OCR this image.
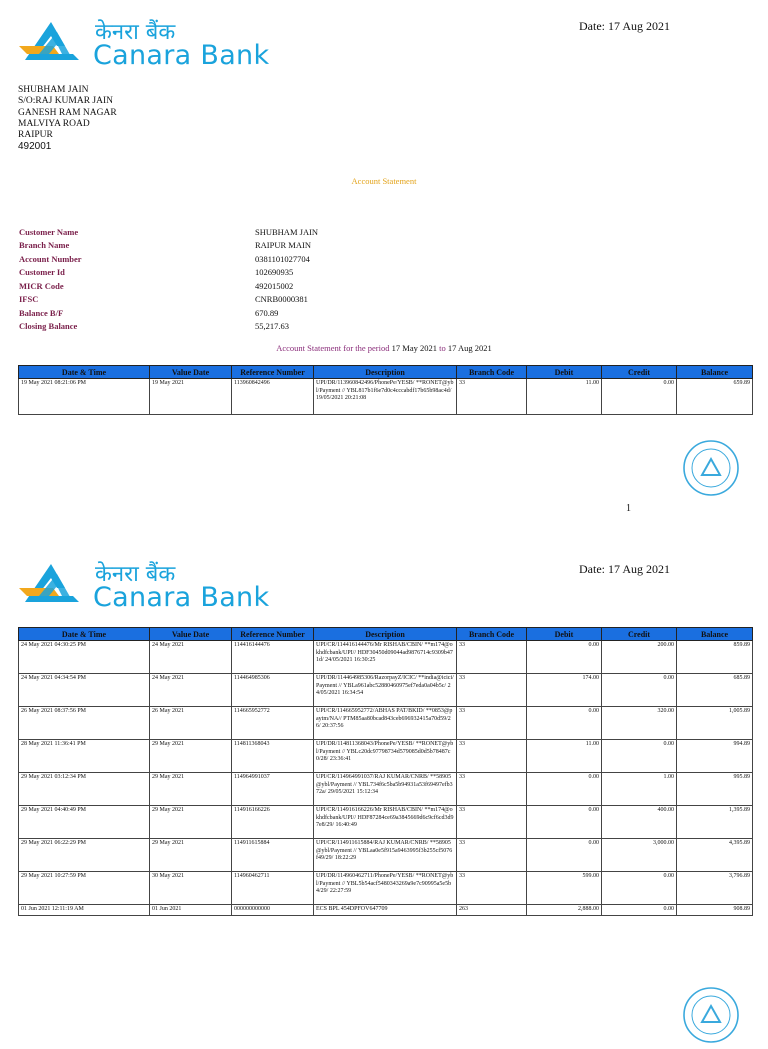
केनरा बैंक
Canara Bank
Date: 17 Aug 2021
SHUBHAM JAIN
S/O:RAJ KUMAR JAIN
GANESH RAM NAGAR
MALVIYA ROAD
RAIPUR
492001
Account Statement
Customer Name	SHUBHAM JAIN
Branch Name	RAIPUR MAIN
Account Number	0381101027704
Customer Id	102690935
MICR Code	492015002
IFSC	CNRB0000381
Balance B/F	670.89
Closing Balance	55,217.63
Account Statement for the period 17 May 2021 to 17 Aug 2021
Date & Time	Value Date	Reference Number	Description	Branch Code	Debit	Credit	Balance
19 May 2021 08:21:06 PM	19 May 2021	113960842496	UPI/DR/113960842496/PhonePe/YESB/ **RONET@ybl/Payment // YBL817b1f6e7d0c4cccabdf17b65b98ac4d/ 19/05/2021 20:21:08	33	11.00	0.00	659.89
1
केनरा बैंक
Canara Bank
Date: 17 Aug 2021
Date & Time	Value Date	Reference Number	Description	Branch Code	Debit	Credit	Balance
24 May 2021 04:30:25 PM	24 May 2021	114416144476	UPI/CR/114416144476/Mr RISHAB/CBIN/ **m174@okhdfcbank/UPI// HDF30450d09044ad9876714c9309b471d/ 24/05/2021 16:30:25	33	0.00	200.00	859.89
24 May 2021 04:34:54 PM	24 May 2021	114464985306	UPI/DR/114464985306/RazorpayZ/ICIC/ **india@icici/Payment // YBLa961abc52880460975ef7eda0a04b5c/ 24/05/2021 16:34:54	33	174.00	0.00	685.89
26 May 2021 08:37:56 PM	26 May 2021	114665952772	UPI/CR/114665952772/ABHAS PAT/BKID/ **0853@paytm/NA// PTM85aa80bcad843ceb696932415a70d59/26/ 20:37:56	33	0.00	320.00	1,005.89
28 May 2021 11:36:41 PM	29 May 2021	114811368043	UPI/DR/114811368043/PhonePe/YESB/ **RONET@ybl/Payment // YBLc20dc97798734d579085d0d5b78487c0/28/ 23:36:41	33	11.00	0.00	994.89
29 May 2021 03:12:34 PM	29 May 2021	114964991037	UPI/CR/114964991037/RAJ KUMAR/CNRB/ **58905@ybl/Payment // YBL734f6c5ba5b94931a53f69497efb372a/ 29/05/2021 15:12:34	33	0.00	1.00	995.89
29 May 2021 04:40:49 PM	29 May 2021	114916166226	UPI/CR/114916166226/Mr RISHAB/CBIN/ **m174@okhdfcbank/UPI// HDF87284ce69a3845669d6c9cf6cd3d97e8/29/ 16:40:49	33	0.00	400.00	1,395.89
29 May 2021 06:22:29 PM	29 May 2021	114911615884	UPI/CR/114911615884/RAJ KUMAR/CNRB/ **58905@ybl/Payment // YBLaa0e5f915a9463995f3b255cf5076f49/29/ 18:22:29	33	0.00	3,000.00	4,395.89
29 May 2021 10:27:59 PM	30 May 2021	114960462711	UPI/DR/114960462711/PhonePe/YESB/ **RONET@ybl/Payment // YBL5b54acf5480343269a9e7c90995a5e5b4/29/ 22:27:59	33	599.00	0.00	3,796.89
01 Jun 2021 12:11:19 AM	01 Jun 2021	000000000000	ECS BPL 454DPFOV647709	263	2,888.00	0.00	908.89
